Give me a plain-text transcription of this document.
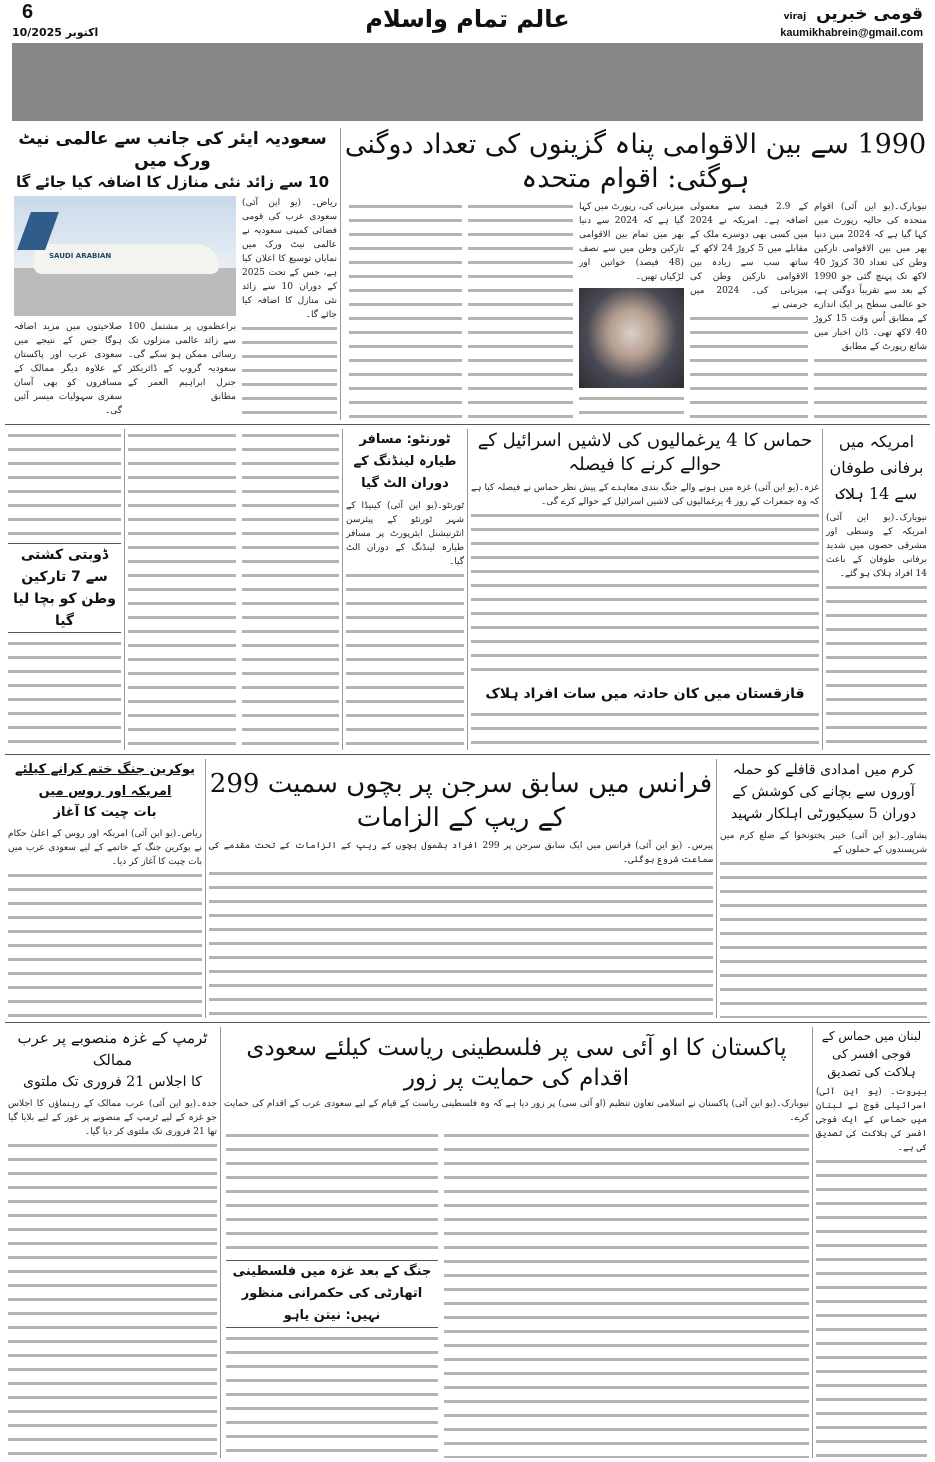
قومی خبریں viraj
kaumikhabrein@gmail.com
عالم تمام واسلام
6
10/اکتوبر 2025
1990 سے بین الاقوامی پناہ گزینوں کی تعداد دوگنی ہوگئی: اقوام متحدہ
نیویارک۔(یو این آئی) اقوام متحدہ کی حالیہ رپورٹ میں کہا گیا ہے کہ 2024 میں دنیا بھر میں بین الاقوامی تارکین وطن کی تعداد 30 کروڑ 40 لاکھ تک پہنچ گئی جو 1990 کے بعد سے تقریباً دوگنی ہے، جو عالمی سطح پر ایک اندازے کے مطابق اُس وقت 15 کروڑ 40 لاکھ تھی۔ ڈان اخبار میں شائع رپورٹ کے مطابق
کے 2.9 فیصد سے معمولی اضافہ ہے۔ امریکہ نے 2024 میں کسی بھی دوسرے ملک کے مقابلے میں 5 کروڑ 24 لاکھ کے ساتھ سب سے زیادہ بین الاقوامی تارکین وطن کی میزبانی کی۔ 2024 میں جرمنی نے
میزبانی کی، رپورٹ میں کہا گیا ہے کہ 2024 سے دنیا بھر میں تمام بین الاقوامی تارکین وطن میں سے نصف (48 فیصد) خواتین اور لڑکیاں تھیں۔
سعودیہ ایئر کی جانب سے عالمی نیٹ ورک میں
10 سے زائد نئی منازل کا اضافہ کیا جائے گا
ریاض۔ (یو این آئی) سعودی عرب کی قومی فضائی کمپنی سعودیہ نے عالمی نیٹ ورک میں نمایاں توسیع کا اعلان کیا ہے، جس کے تحت 2025 کے دوران 10 سے زائد نئی منازل کا اضافہ کیا جائے گا۔
SAUDI ARABIAN
براعظموں پر مشتمل 100 سے زائد عالمی منزلوں تک رسائی ممکن ہو سکے گی۔ سعودیہ گروپ کے ڈائریکٹر جنرل ابراہیم العمر کے مطابق
صلاحیتوں میں مزید اضافہ ہوگا جس کے نتیجے میں سعودی عرب اور پاکستان کے علاوہ دیگر ممالک کے مسافروں کو بھی آسان سفری سہولیات میسر آئیں گی۔
امریکہ میں برفانی طوفان سے 14 ہلاک
نیویارک۔(یو این آئی) امریکہ کے وسطی اور مشرقی حصوں میں شدید برفانی طوفان کے باعث 14 افراد ہلاک ہو گئے۔
حماس کا 4 یرغمالیوں کی لاشیں اسرائیل کے حوالے کرنے کا فیصلہ
غزہ۔(یو این آئی) غزہ میں ہونے والے جنگ بندی معاہدے کے پیش نظر حماس نے فیصلہ کیا ہے کہ وہ جمعرات کے روز 4 یرغمالیوں کی لاشیں اسرائیل کے حوالے کرے گی۔
قازقستان میں کان حادثہ میں سات افراد ہلاک
ٹورنٹو: مسافر طیارہ لینڈنگ کے دوران الٹ گیا
ٹورنٹو۔(یو این آئی) کینیڈا کے شہر ٹورنٹو کے پیئرسن انٹرنیشنل ایئرپورٹ پر مسافر طیارہ لینڈنگ کے دوران الٹ گیا۔
ڈوبتی کشتی سے 7 تارکین وطن کو بچا لیا گیا
کرم میں امدادی قافلے کو حملہ آوروں سے بچانے کی کوشش کے دوران 5 سیکیورٹی اہلکار شہید
پشاور۔(یو این آئی) خیبر پختونخوا کے ضلع کرم میں شرپسندوں کے حملوں کے
فرانس میں سابق سرجن پر بچوں سمیت 299 کے ریپ کے الزامات
پیرس۔ (یو این آئی) فرانس میں ایک سابق سرجن پر 299 افراد بشمول بچوں کے ریپ کے الزامات کے تحت مقدمے کی سماعت شروع ہوگئی۔
یوکرین جنگ ختم کرانے کیلئے امریکہ اور روس میں
بات چیت کا آغاز
ریاض۔(یو این آئی) امریکہ اور روس کے اعلیٰ حکام نے یوکرین جنگ کے خاتمے کے لیے سعودی عرب میں بات چیت کا آغاز کر دیا۔
لبنان میں حماس کے فوجی افسر کی ہلاکت کی تصدیق
بیروت۔ (یو این آئی) اسرائیلی فوج نے لبنان میں حماس کے ایک فوجی افسر کی ہلاکت کی تصدیق کی ہے۔
پاکستان کا او آئی سی پر فلسطینی ریاست کیلئے سعودی اقدام کی حمایت پر زور
نیویارک۔(یو این آئی) پاکستان نے اسلامی تعاون تنظیم (او آئی سی) پر زور دیا ہے کہ وہ فلسطینی ریاست کے قیام کے لیے سعودی عرب کے اقدام کی حمایت کرے۔
جنگ کے بعد غزہ میں فلسطینی اتھارٹی کی حکمرانی منظور نہیں: نیتن یاہو
ٹرمپ کے غزہ منصوبے پر عرب ممالک
کا اجلاس 21 فروری تک ملتوی
جدہ۔(یو این آئی) عرب ممالک کے رہنماؤں کا اجلاس جو غزہ کے لیے ٹرمپ کے منصوبے پر غور کے لیے بلایا گیا تھا 21 فروری تک ملتوی کر دیا گیا۔
